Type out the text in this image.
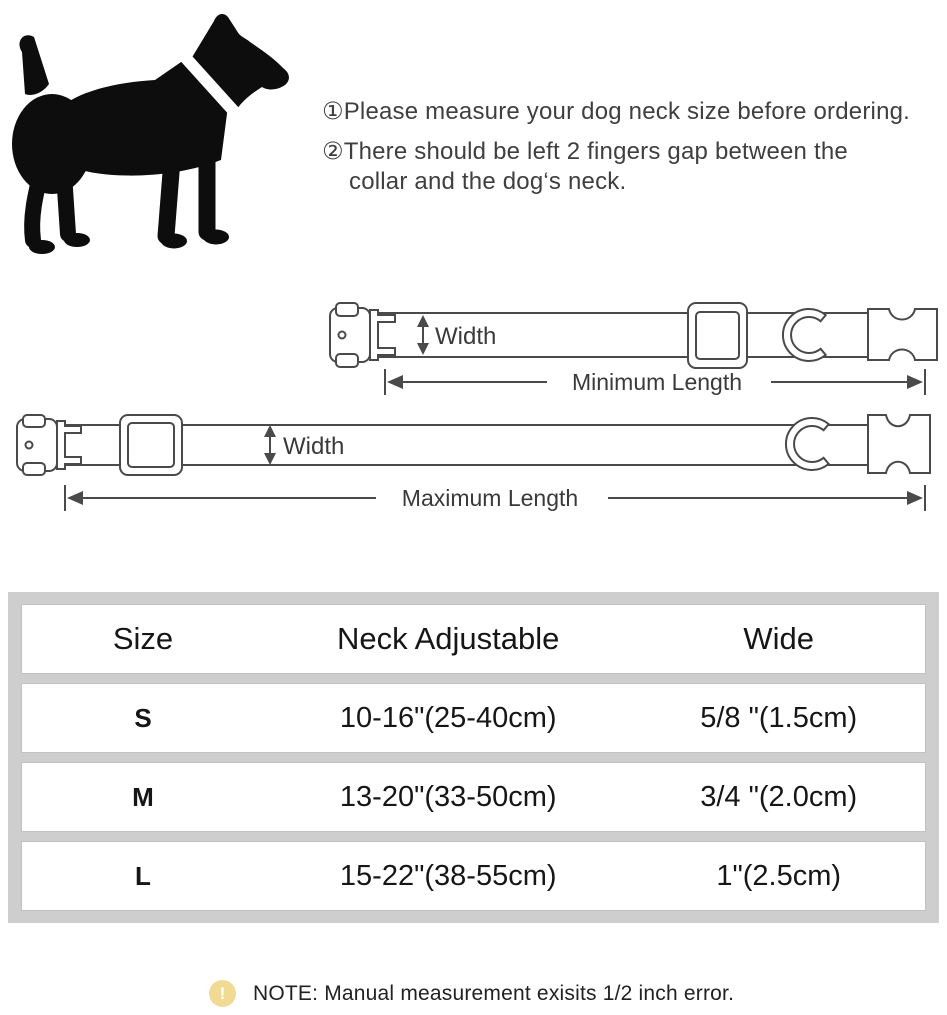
①Please measure your dog neck size before ordering.

②There should be left 2 fingers gap between the

collar and the dog‘s neck.

Width
Minimum Length
Width
Maximum Length
Size	Neck Adjustable	Wide
S	10-16"(25-40cm)	5/8 "(1.5cm)
M	13-20"(33-50cm)	3/4 "(2.0cm)
L	15-22"(38-55cm)	1"(2.5cm)
!	NOTE: Manual measurement exisits 1/2 inch error.
